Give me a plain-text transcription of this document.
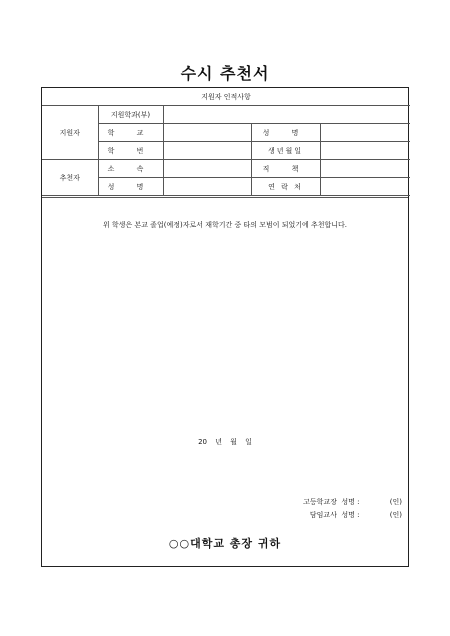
수시 추천서
지원자 인적사항				
지원자	지원학과(부)			
	학 교		성 명	
	학 번		생년월일	
추천자	소 속		직 책	
	성 명		연 락 처	
위 학생은 본교 졸업(예정)자로서 재학기간 중 타의 모범이 되었기에 추천합니다.
20 년 월 일
고등학교장 성명 :	(인)
담임교사 성명 :	(인)
○○대학교 총장 귀하
